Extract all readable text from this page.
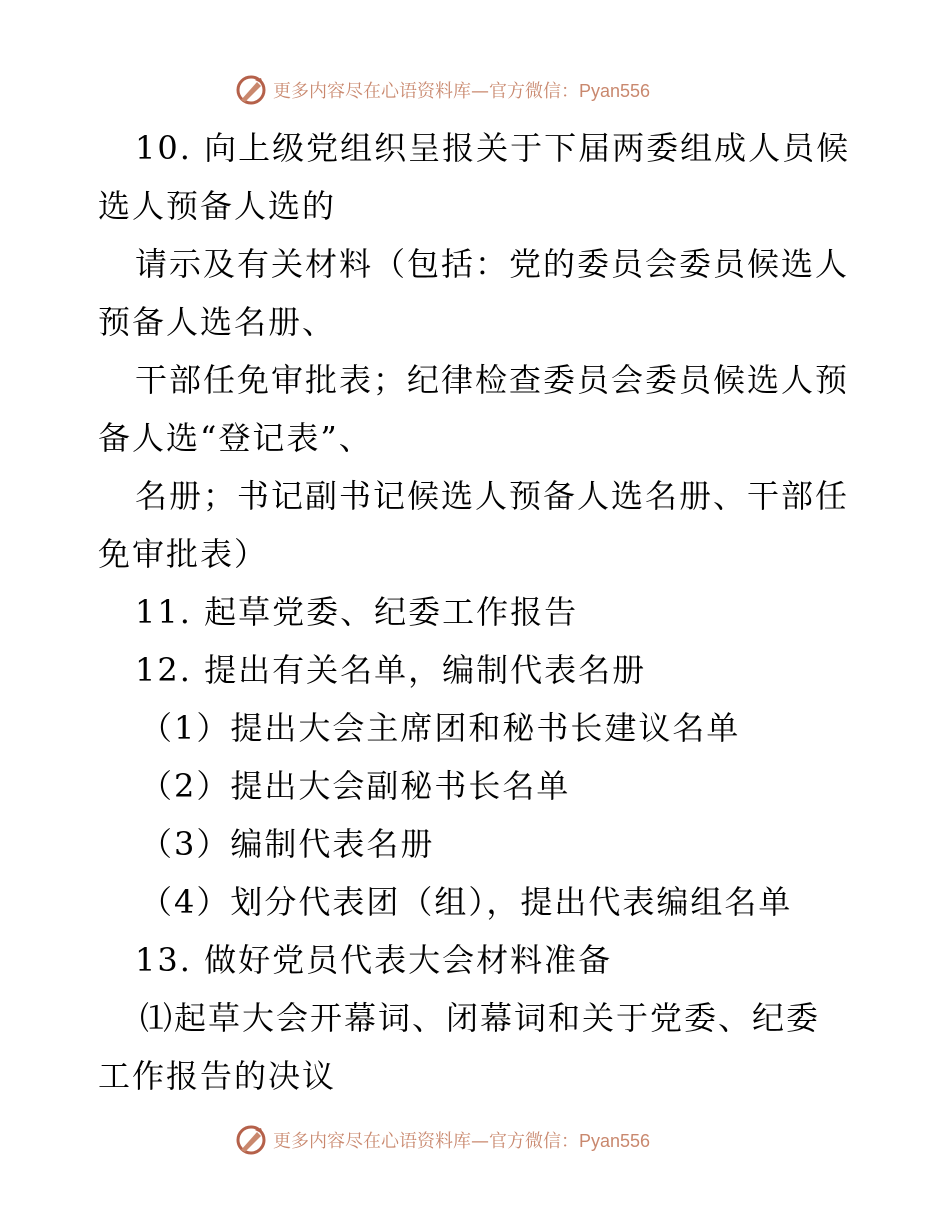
更多内容尽在心语资料库—官方微信：Pyan556
10. 向上级党组织呈报关于下届两委组成人员候
选人预备人选的
请示及有关材料（包括：党的委员会委员候选人
预备人选名册、
干部任免审批表；纪律检查委员会委员候选人预
备人选“登记表”、
名册；书记副书记候选人预备人选名册、干部任
免审批表）
11. 起草党委、纪委工作报告
12. 提出有关名单，编制代表名册
（1）提出大会主席团和秘书长建议名单
（2）提出大会副秘书长名单
（3）编制代表名册
（4）划分代表团（组），提出代表编组名单
13. 做好党员代表大会材料准备
⑴起草大会开幕词、闭幕词和关于党委、纪委
工作报告的决议
更多内容尽在心语资料库—官方微信：Pyan556
